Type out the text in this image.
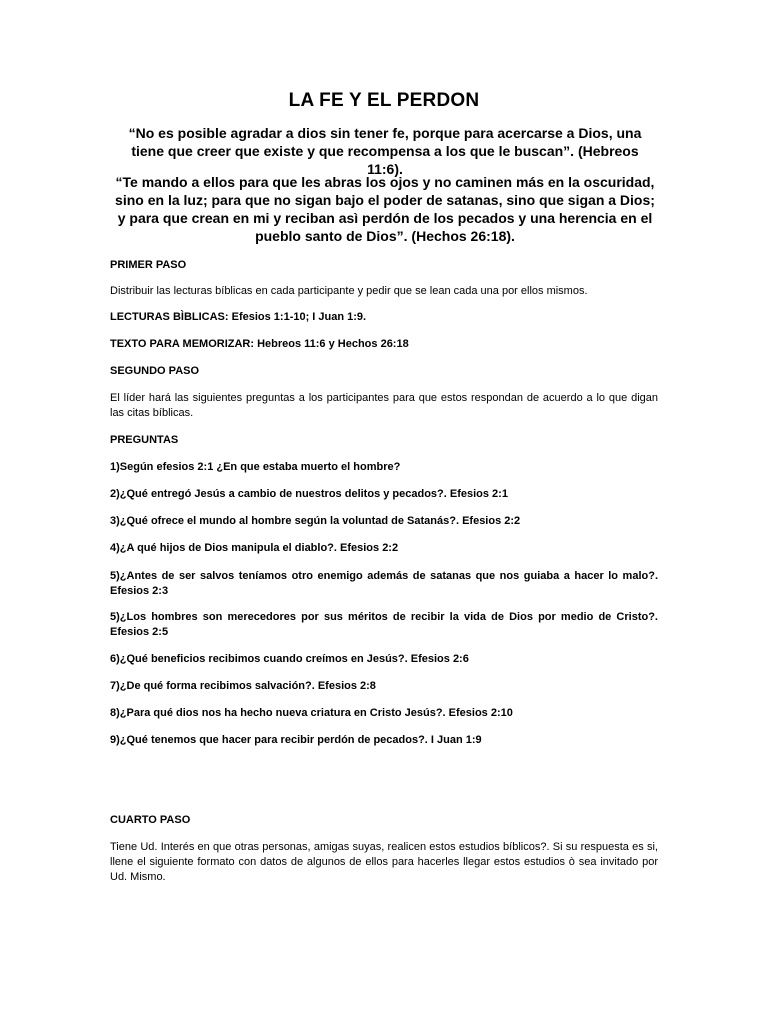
LA FE Y EL PERDON
“No es posible agradar a dios sin tener fe, porque para acercarse a Dios, una tiene que creer que existe y que recompensa a los que le buscan”. (Hebreos 11:6).
“Te mando a ellos para que les abras los ojos y no caminen más en la oscuridad, sino en la luz; para que no sigan bajo el poder de satanas, sino que sigan a Dios; y para que crean en mi y reciban asì perdón de los pecados y una herencia en el pueblo santo de Dios”. (Hechos 26:18).
PRIMER PASO
Distribuir las lecturas bíblicas en cada participante y pedir que se lean cada una por ellos mismos.
LECTURAS BÌBLICAS: Efesios 1:1-10; I Juan 1:9.
TEXTO PARA MEMORIZAR: Hebreos 11:6 y Hechos 26:18
SEGUNDO PASO
El líder hará las siguientes preguntas a los participantes para que estos respondan de acuerdo a lo que digan las citas bíblicas.
PREGUNTAS
1)Según efesios 2:1 ¿En que estaba muerto el hombre?
2)¿Qué entregó Jesús a cambio de nuestros delitos y pecados?. Efesios 2:1
3)¿Qué ofrece el mundo al hombre según la voluntad de Satanás?. Efesios 2:2
4)¿A qué hijos de Dios manipula el diablo?. Efesios 2:2
5)¿Antes de ser salvos teníamos otro enemigo además de satanas que nos guiaba a hacer lo malo?. Efesios 2:3
5)¿Los hombres son merecedores por sus méritos de recibir la vida de Dios por medio de Cristo?. Efesios 2:5
6)¿Qué beneficios recibimos cuando creímos en Jesús?. Efesios 2:6
7)¿De qué forma recibimos salvación?. Efesios 2:8
8)¿Para qué dios nos ha hecho nueva criatura en Cristo Jesús?. Efesios 2:10
9)¿Qué tenemos que hacer para recibir perdón de pecados?. I Juan 1:9
CUARTO PASO
Tiene Ud. Interés en que otras personas, amigas suyas, realicen estos estudios bíblicos?. Si su respuesta es si, llene el siguiente formato con datos de algunos de ellos para hacerles llegar estos estudios ò sea invitado por Ud. Mismo.
